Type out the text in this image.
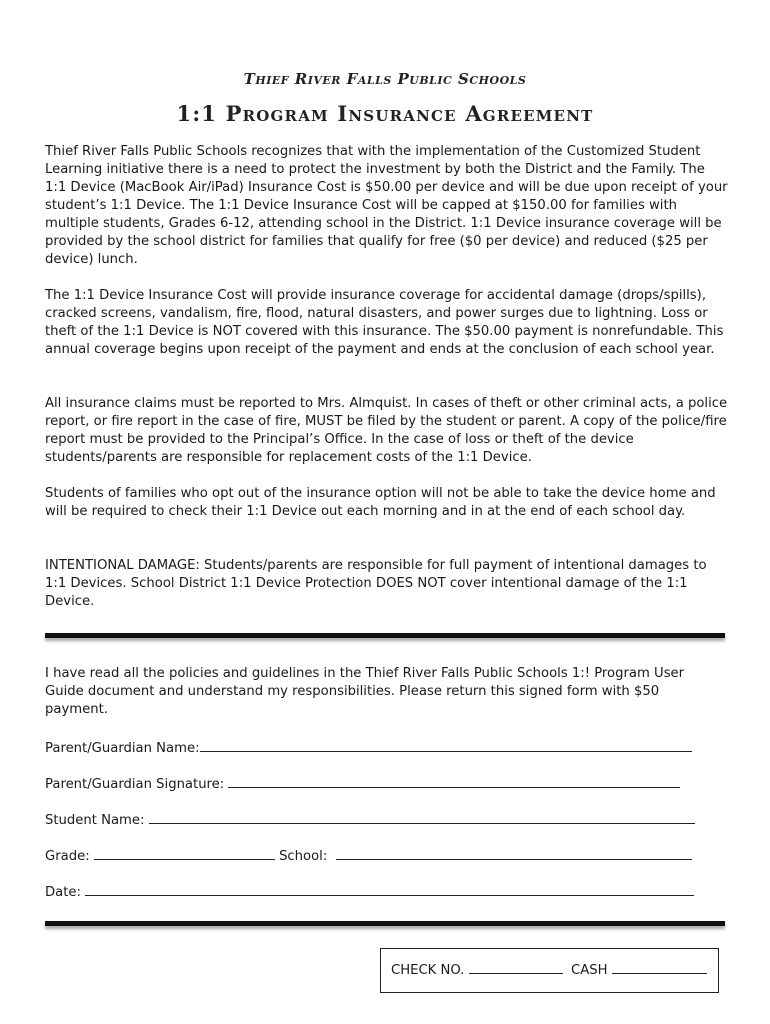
Thief River Falls Public Schools
1:1 Program Insurance Agreement

Thief River Falls Public Schools recognizes that with the implementation of the Customized Student Learning initiative there is a need to protect the investment by both the District and the Family. The 1:1 Device (MacBook Air/iPad) Insurance Cost is $50.00 per device and will be due upon receipt of your student’s 1:1 Device. The 1:1 Device Insurance Cost will be capped at $150.00 for families with multiple students, Grades 6-12, attending school in the District. 1:1 Device insurance coverage will be provided by the school district for families that qualify for free ($0 per device) and reduced ($25 per device) lunch.

The 1:1 Device Insurance Cost will provide insurance coverage for accidental damage (drops/spills), cracked screens, vandalism, fire, flood, natural disasters, and power surges due to lightning. Loss or theft of the 1:1 Device is NOT covered with this insurance. The $50.00 payment is nonrefundable. This annual coverage begins upon receipt of the payment and ends at the conclusion of each school year.

All insurance claims must be reported to Mrs. Almquist. In cases of theft or other criminal acts, a police report, or fire report in the case of fire, MUST be filed by the student or parent. A copy of the police/fire report must be provided to the Principal’s Office. In the case of loss or theft of the device students/parents are responsible for replacement costs of the 1:1 Device.

Students of families who opt out of the insurance option will not be able to take the device home and will be required to check their 1:1 Device out each morning and in at the end of each school day.

INTENTIONAL DAMAGE: Students/parents are responsible for full payment of intentional damages to 1:1 Devices. School District 1:1 Device Protection DOES NOT cover intentional damage of the 1:1 Device.

I have read all the policies and guidelines in the Thief River Falls Public Schools 1:! Program User Guide document and understand my responsibilities. Please return this signed form with $50 payment.

Parent/Guardian Name:
Parent/Guardian Signature:
Student Name:
Grade:	School:
Date:
CHECK NO.	CASH
